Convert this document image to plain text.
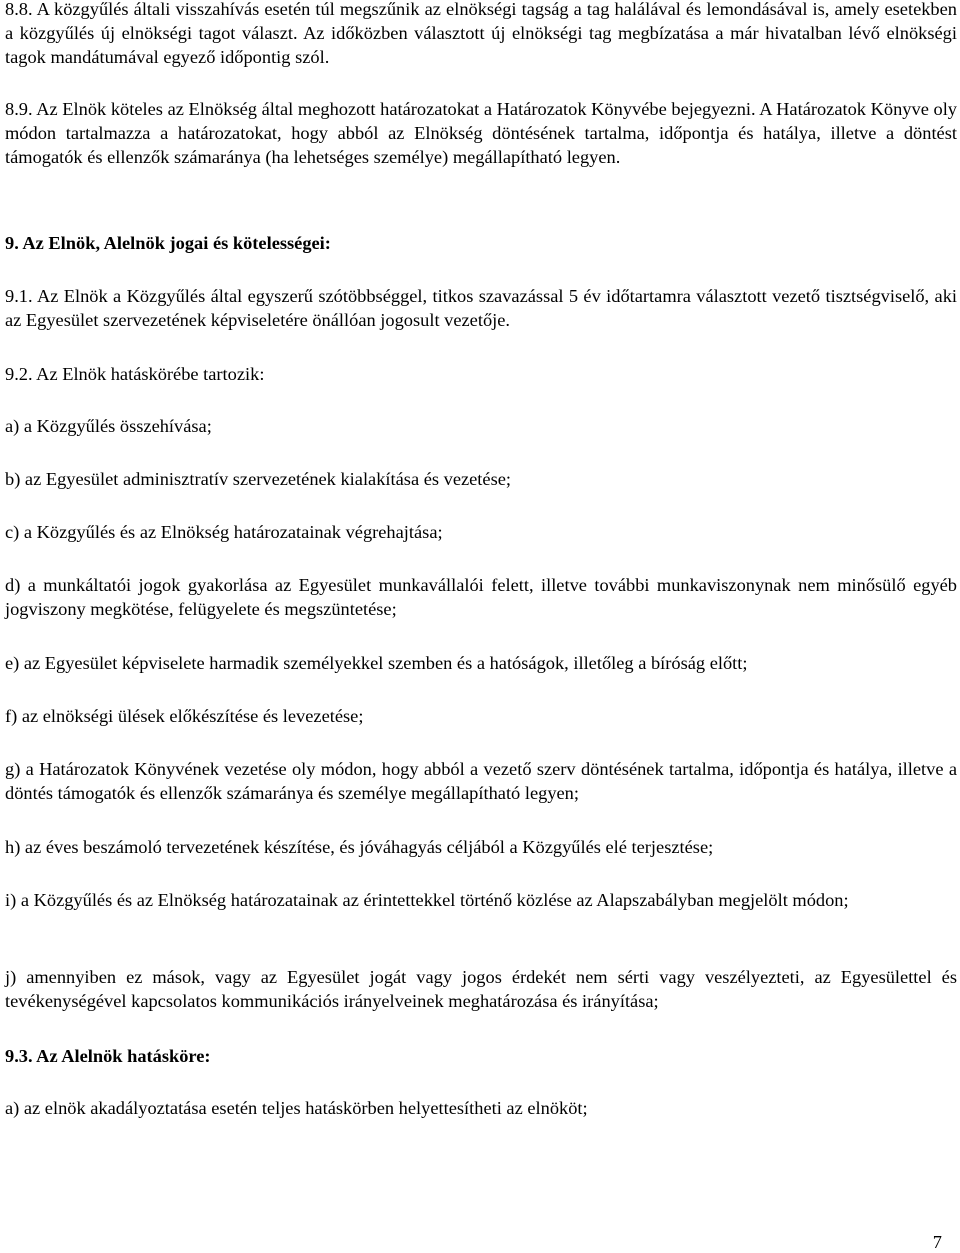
8.8. A közgyűlés általi visszahívás esetén túl megszűnik az elnökségi tagság a tag halálával és lemondásával is, amely esetekben a közgyűlés új elnökségi tagot választ. Az időközben választott új elnökségi tag megbízatása a már hivatalban lévő elnökségi tagok mandátumával egyező időpontig szól.

8.9. Az Elnök köteles az Elnökség által meghozott határozatokat a Határozatok Könyvébe bejegyezni. A Határozatok Könyve oly módon tartalmazza a határozatokat, hogy abból az Elnökség döntésének tartalma, időpontja és hatálya, illetve a döntést támogatók és ellenzők számaránya (ha lehetséges személye) megállapítható legyen.

9. Az Elnök, Alelnök jogai és kötelességei:

9.1. Az Elnök a Közgyűlés által egyszerű szótöbbséggel, titkos szavazással 5 év időtartamra választott vezető tisztségviselő, aki az Egyesület szervezetének képviseletére önállóan jogosult vezetője.

9.2. Az Elnök hatáskörébe tartozik:

a) a Közgyűlés összehívása;

b) az Egyesület adminisztratív szervezetének kialakítása és vezetése;

c) a Közgyűlés és az Elnökség határozatainak végrehajtása;

d) a munkáltatói jogok gyakorlása az Egyesület munkavállalói felett, illetve további munkaviszonynak nem minősülő egyéb jogviszony megkötése, felügyelete és megszüntetése;

e) az Egyesület képviselete harmadik személyekkel szemben és a hatóságok, illetőleg a bíróság előtt;

f) az elnökségi ülések előkészítése és levezetése;

g) a Határozatok Könyvének vezetése oly módon, hogy abból a vezető szerv döntésének tartalma, időpontja és hatálya, illetve a döntés támogatók és ellenzők számaránya és személye megállapítható legyen;

h) az éves beszámoló tervezetének készítése, és jóváhagyás céljából a Közgyűlés elé terjesztése;

i) a Közgyűlés és az Elnökség határozatainak az érintettekkel történő közlése az Alapszabályban megjelölt módon;

j) amennyiben ez mások, vagy az Egyesület jogát vagy jogos érdekét nem sérti vagy veszélyezteti, az Egyesülettel és tevékenységével kapcsolatos kommunikációs irányelveinek meghatározása és irányítása;

9.3. Az Alelnök hatásköre:

a) az elnök akadályoztatása esetén teljes hatáskörben helyettesítheti az elnököt;

7
